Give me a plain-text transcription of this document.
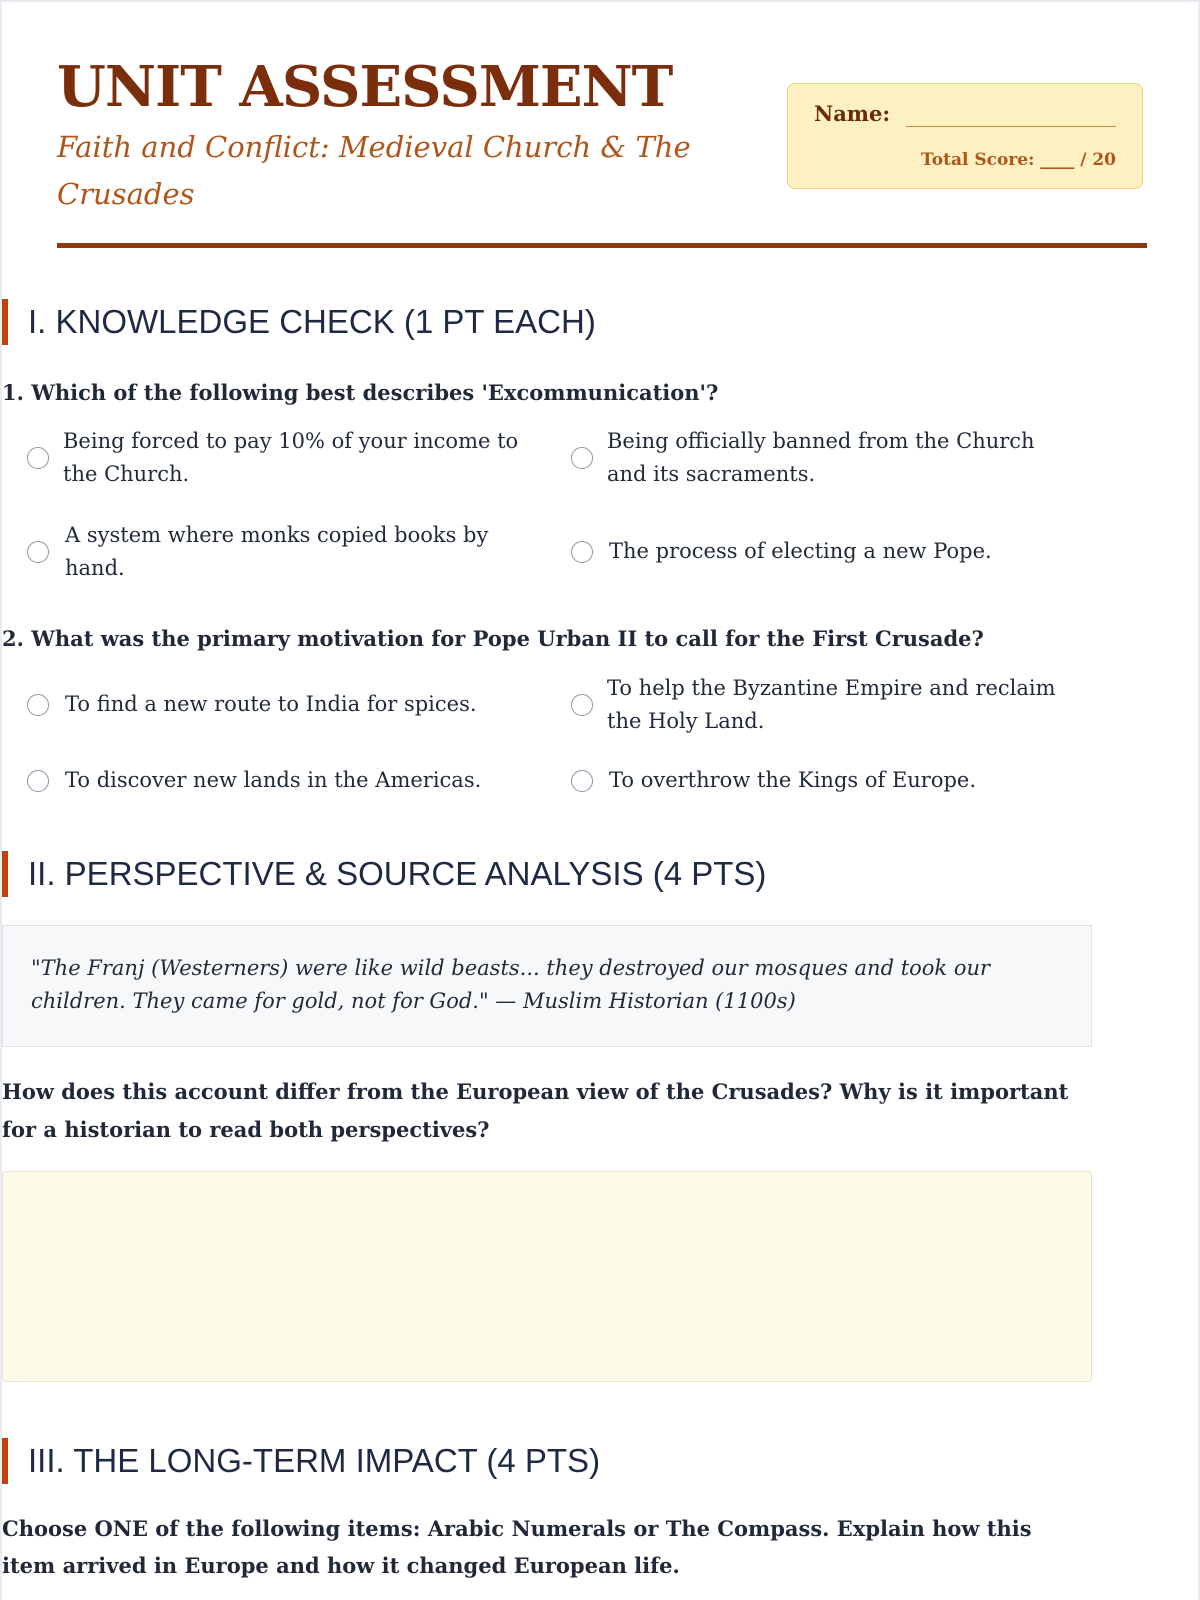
UNIT ASSESSMENT
Faith and Conflict: Medieval Church & The Crusades
Name:
Total Score: ____ / 20
I. KNOWLEDGE CHECK (1 PT EACH)
1. Which of the following best describes 'Excommunication'?
Being forced to pay 10% of your income to the Church.
Being officially banned from the Church and its sacraments.
A system where monks copied books by hand.
The process of electing a new Pope.
2. What was the primary motivation for Pope Urban II to call for the First Crusade?
To find a new route to India for spices.
To help the Byzantine Empire and reclaim the Holy Land.
To discover new lands in the Americas.	To overthrow the Kings of Europe.
II. PERSPECTIVE & SOURCE ANALYSIS (4 PTS)
"The Franj (Westerners) were like wild beasts... they destroyed our mosques and took our children. They came for gold, not for God." — Muslim Historian (1100s)
How does this account differ from the European view of the Crusades? Why is it important for a historian to read both perspectives?
III. THE LONG-TERM IMPACT (4 PTS)
Choose ONE of the following items: Arabic Numerals or The Compass. Explain how this item arrived in Europe and how it changed European life.
